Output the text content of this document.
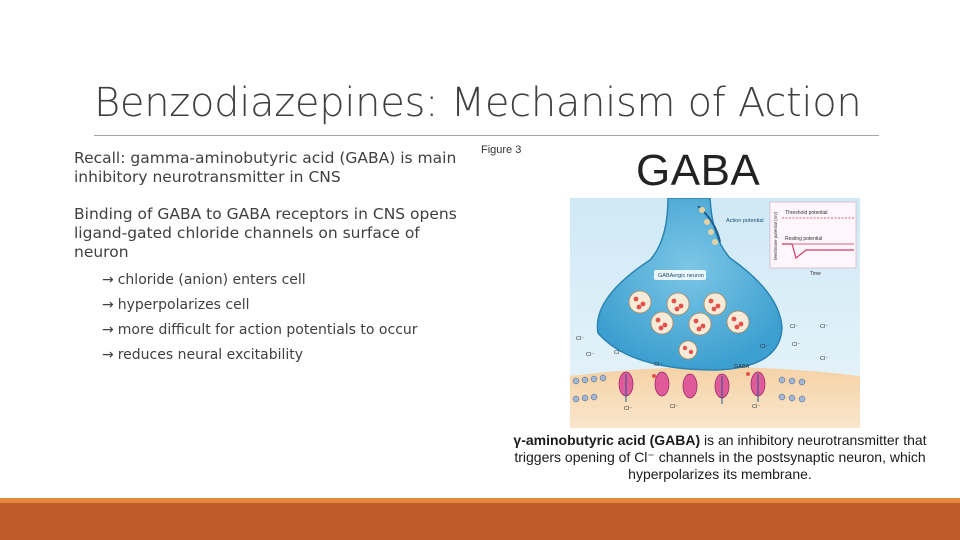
Benzodiazepines: Mechanism of Action
Recall: gamma-aminobutyric acid (GABA) is main inhibitory neurotransmitter in CNS
Binding of GABA to GABA receptors in CNS opens ligand-gated chloride channels on surface of neuron
→ chloride (anion) enters cell
→ hyperpolarizes cell
→ more difficult for action potentials to occur
→ reduces neural excitability
Figure 3	GABA
Action potential
Threshold potential
Resting potential
Membrane potential (mV)
Time
GABAergic neuron
GABA
Cl⁻
Cl⁻	Cl⁻
Cl⁻
Cl⁻
Cl⁻	Cl⁻
Cl⁻
Cl⁻
Cl⁻
Cl⁻	Cl⁻
γ-aminobutyric acid (GABA) is an inhibitory neurotransmitter that triggers opening of Cl⁻ channels in the postsynaptic neuron, which hyperpolarizes its membrane.
